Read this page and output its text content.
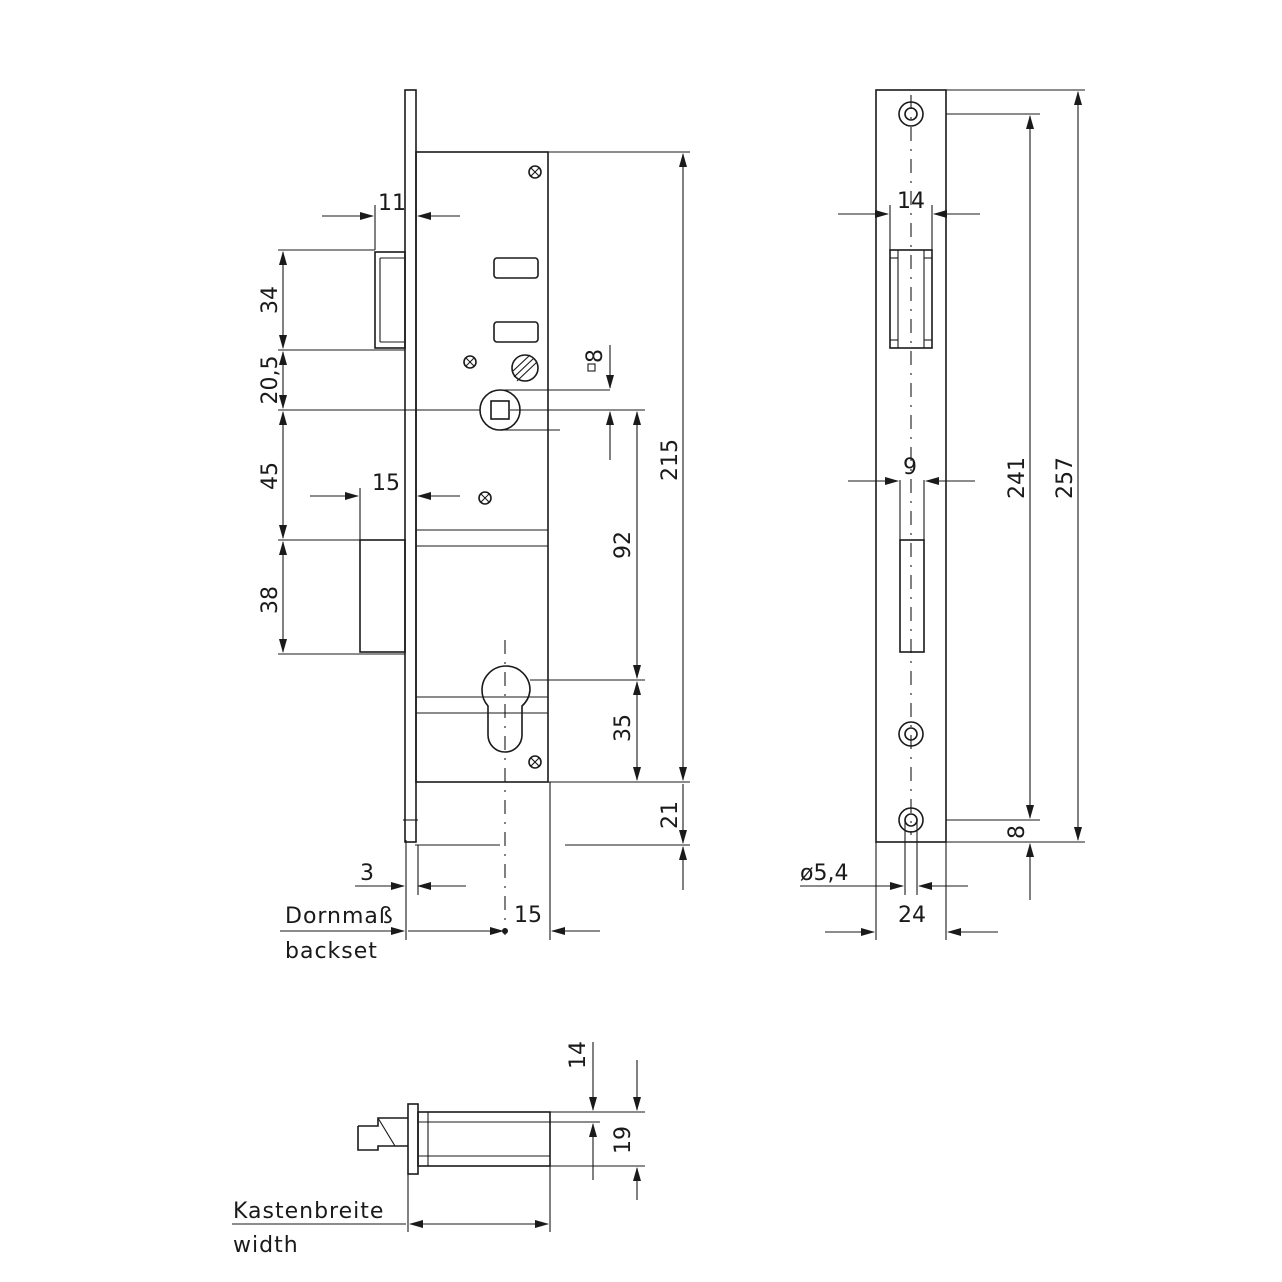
11
34
20,5
45	15
38
8
215
92
35
21
3
15
Dornmaß
backset
14
9	241 257
8
ø5,4
24
14
19
Kastenbreite
width
